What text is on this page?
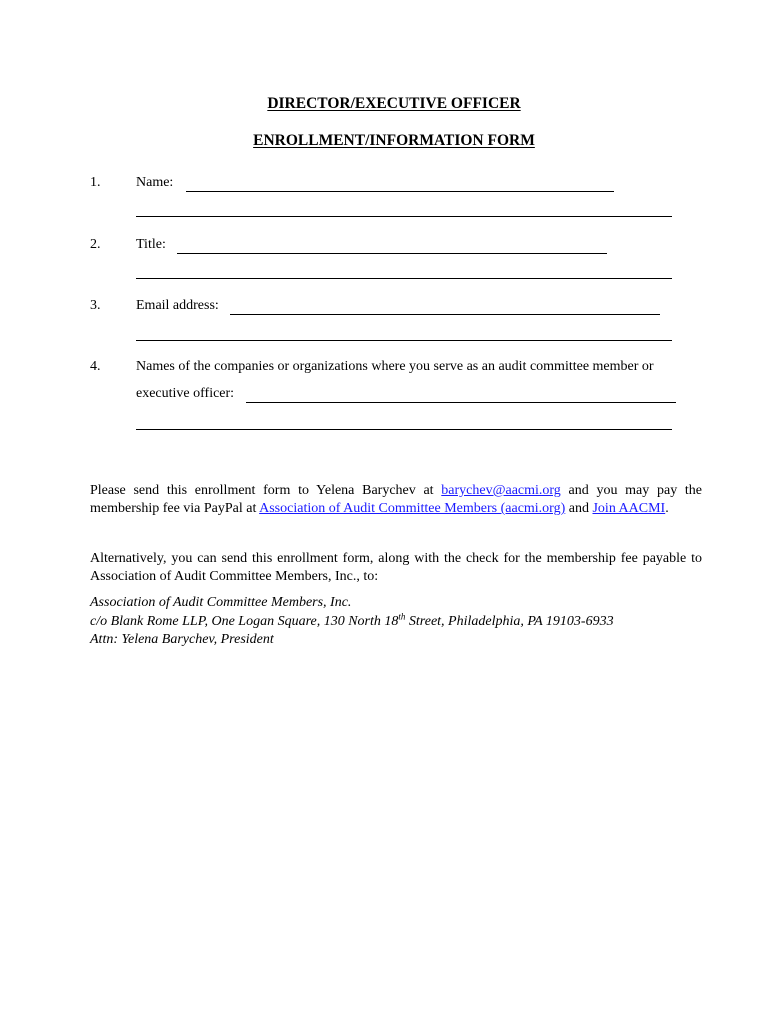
DIRECTOR/EXECUTIVE OFFICER
ENROLLMENT/INFORMATION FORM
1.	Name:
2.	Title:
3.	Email address:
4.	Names of the companies or organizations where you serve as an audit committee member or
executive officer:
Please send this enrollment form to Yelena Barychev at barychev@aacmi.org and you may pay the membership fee via PayPal at Association of Audit Committee Members (aacmi.org) and Join AACMI.
Alternatively, you can send this enrollment form, along with the check for the membership fee payable to Association of Audit Committee Members, Inc., to:
Association of Audit Committee Members, Inc.
c/o Blank Rome LLP, One Logan Square, 130 North 18th Street, Philadelphia, PA 19103-6933
Attn: Yelena Barychev, President
